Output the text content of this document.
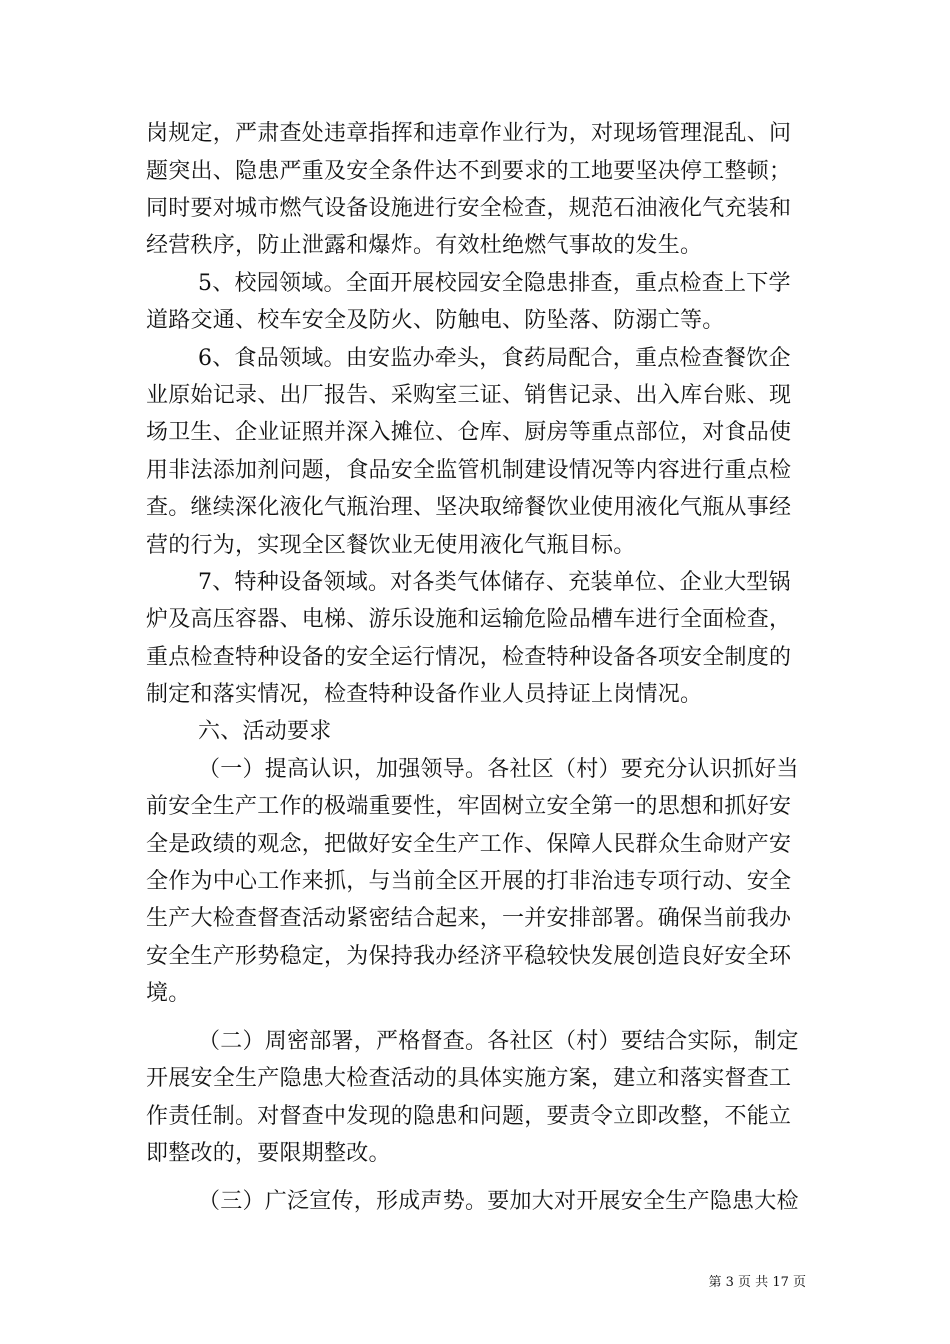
岗规定，严肃查处违章指挥和违章作业行为，对现场管理混乱、问
题突出、隐患严重及安全条件达不到要求的工地要坚决停工整顿；
同时要对城市燃气设备设施进行安全检查，规范石油液化气充装和
经营秩序，防止泄露和爆炸。有效杜绝燃气事故的发生。
5、校园领域。全面开展校园安全隐患排查，重点检查上下学
道路交通、校车安全及防火、防触电、防坠落、防溺亡等。
6、食品领域。由安监办牵头，食药局配合，重点检查餐饮企
业原始记录、出厂报告、采购室三证、销售记录、出入库台账、现
场卫生、企业证照并深入摊位、仓库、厨房等重点部位，对食品使
用非法添加剂问题，食品安全监管机制建设情况等内容进行重点检
查。继续深化液化气瓶治理、坚决取缔餐饮业使用液化气瓶从事经
营的行为，实现全区餐饮业无使用液化气瓶目标。
7、特种设备领域。对各类气体储存、充装单位、企业大型锅
炉及高压容器、电梯、游乐设施和运输危险品槽车进行全面检查，
重点检查特种设备的安全运行情况，检查特种设备各项安全制度的
制定和落实情况，检查特种设备作业人员持证上岗情况。
六、活动要求
（一）提高认识，加强领导。各社区（村）要充分认识抓好当
前安全生产工作的极端重要性，牢固树立安全第一的思想和抓好安
全是政绩的观念，把做好安全生产工作、保障人民群众生命财产安
全作为中心工作来抓，与当前全区开展的打非治违专项行动、安全
生产大检查督查活动紧密结合起来，一并安排部署。确保当前我办
安全生产形势稳定，为保持我办经济平稳较快发展创造良好安全环
境。
（二）周密部署，严格督查。各社区（村）要结合实际，制定
开展安全生产隐患大检查活动的具体实施方案，建立和落实督查工
作责任制。对督查中发现的隐患和问题，要责令立即改整，不能立
即整改的，要限期整改。
（三）广泛宣传，形成声势。要加大对开展安全生产隐患大检
第 3 页 共 17 页
